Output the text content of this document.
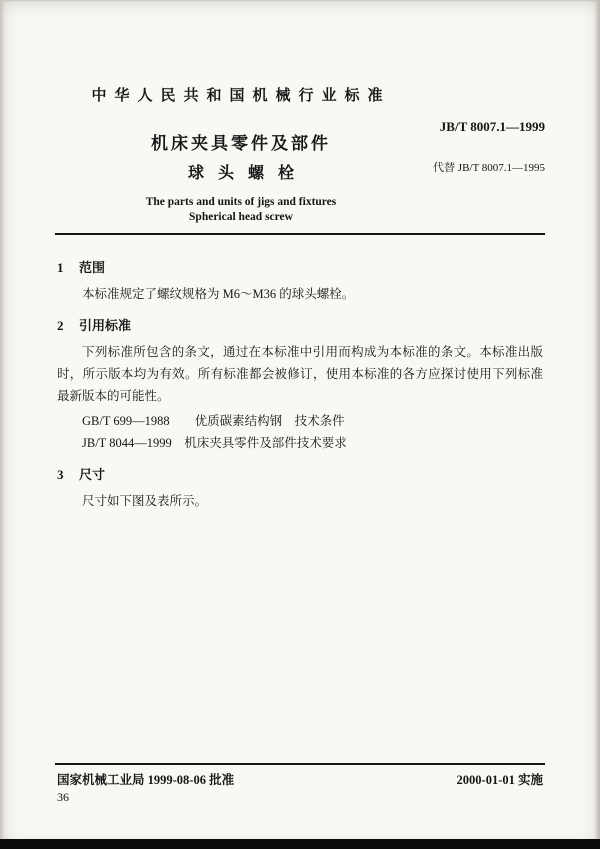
中华人民共和国机械行业标准
机床夹具零件及部件
球头螺栓
The parts and units of jigs and fixtures
Spherical head screw
JB/T 8007.1—1999
代替 JB/T 8007.1—1995
1 范围

本标准规定了螺纹规格为 M6～M36 的球头螺栓。

2 引用标准

下列标准所包含的条文，通过在本标准中引用而构成为本标准的条文。本标准出版时，所示版本均为有效。所有标准都会被修订，使用本标准的各方应探讨使用下列标准最新版本的可能性。

GB/T 699—1988　　优质碳素结构钢　技术条件

JB/T 8044—1999　机床夹具零件及部件技术要求

3 尺寸

尺寸如下图及表所示。

国家机械工业局 1999-08-06 批准	2000-01-01 实施
36
